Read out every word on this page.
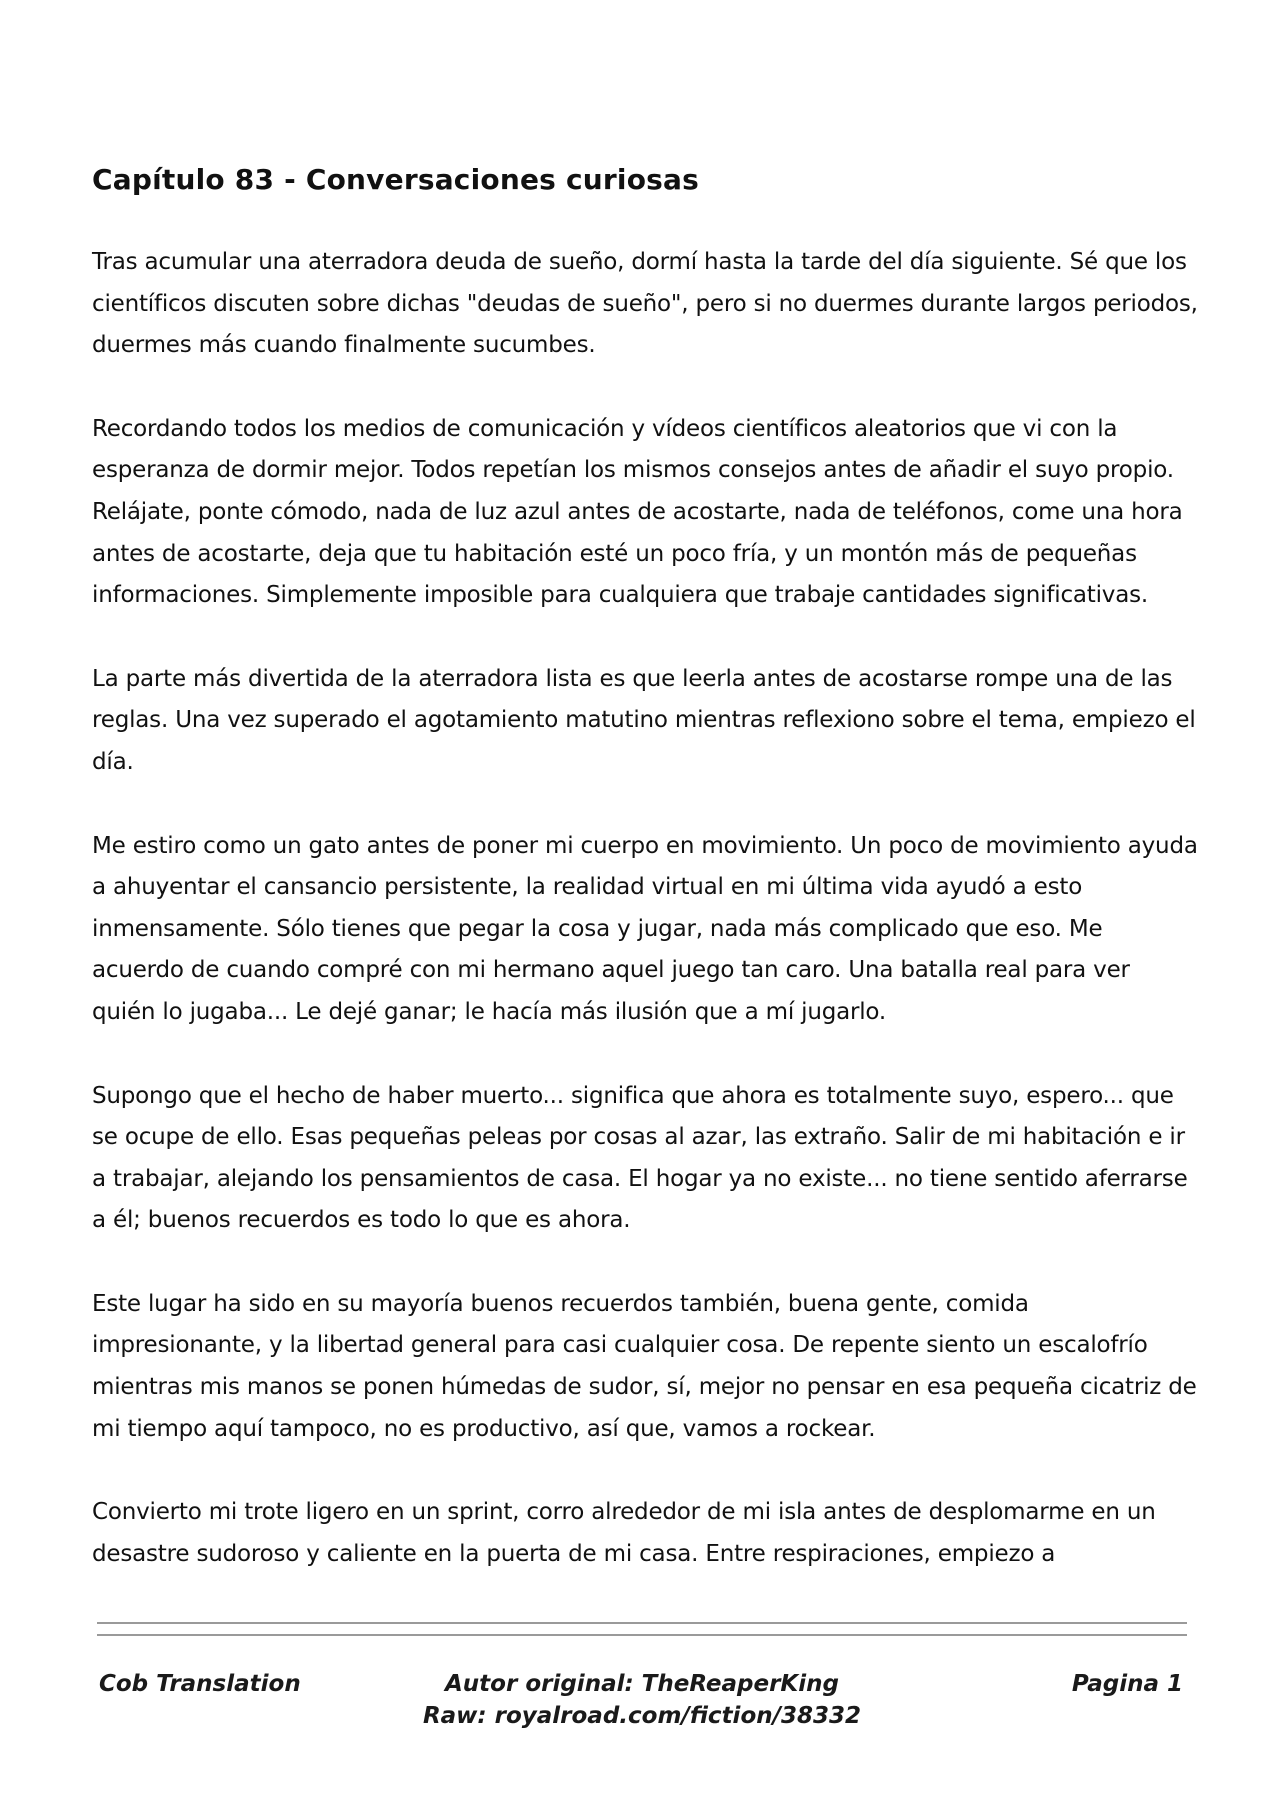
Capítulo 83 - Conversaciones curiosas

Tras acumular una aterradora deuda de sueño, dormí hasta la tarde del día siguiente. Sé que los científicos discuten sobre dichas "deudas de sueño", pero si no duermes durante largos periodos, duermes más cuando finalmente sucumbes.

Recordando todos los medios de comunicación y vídeos científicos aleatorios que vi con la esperanza de dormir mejor. Todos repetían los mismos consejos antes de añadir el suyo propio. Relájate, ponte cómodo, nada de luz azul antes de acostarte, nada de teléfonos, come una hora antes de acostarte, deja que tu habitación esté un poco fría, y un montón más de pequeñas informaciones. Simplemente imposible para cualquiera que trabaje cantidades significativas.

La parte más divertida de la aterradora lista es que leerla antes de acostarse rompe una de las reglas. Una vez superado el agotamiento matutino mientras reflexiono sobre el tema, empiezo el día.

Me estiro como un gato antes de poner mi cuerpo en movimiento. Un poco de movimiento ayuda a ahuyentar el cansancio persistente, la realidad virtual en mi última vida ayudó a esto inmensamente. Sólo tienes que pegar la cosa y jugar, nada más complicado que eso. Me acuerdo de cuando compré con mi hermano aquel juego tan caro. Una batalla real para ver quién lo jugaba... Le dejé ganar; le hacía más ilusión que a mí jugarlo.

Supongo que el hecho de haber muerto... significa que ahora es totalmente suyo, espero... que se ocupe de ello. Esas pequeñas peleas por cosas al azar, las extraño. Salir de mi habitación e ir a trabajar, alejando los pensamientos de casa. El hogar ya no existe... no tiene sentido aferrarse a él; buenos recuerdos es todo lo que es ahora.

Este lugar ha sido en su mayoría buenos recuerdos también, buena gente, comida impresionante, y la libertad general para casi cualquier cosa. De repente siento un escalofrío mientras mis manos se ponen húmedas de sudor, sí, mejor no pensar en esa pequeña cicatriz de mi tiempo aquí tampoco, no es productivo, así que, vamos a rockear.

Convierto mi trote ligero en un sprint, corro alrededor de mi isla antes de desplomarme en un desastre sudoroso y caliente en la puerta de mi casa. Entre respiraciones, empiezo a

Cob Translation	Autor original: TheReaperKing
Raw: royalroad.com/fiction/38332
Pagina 1
